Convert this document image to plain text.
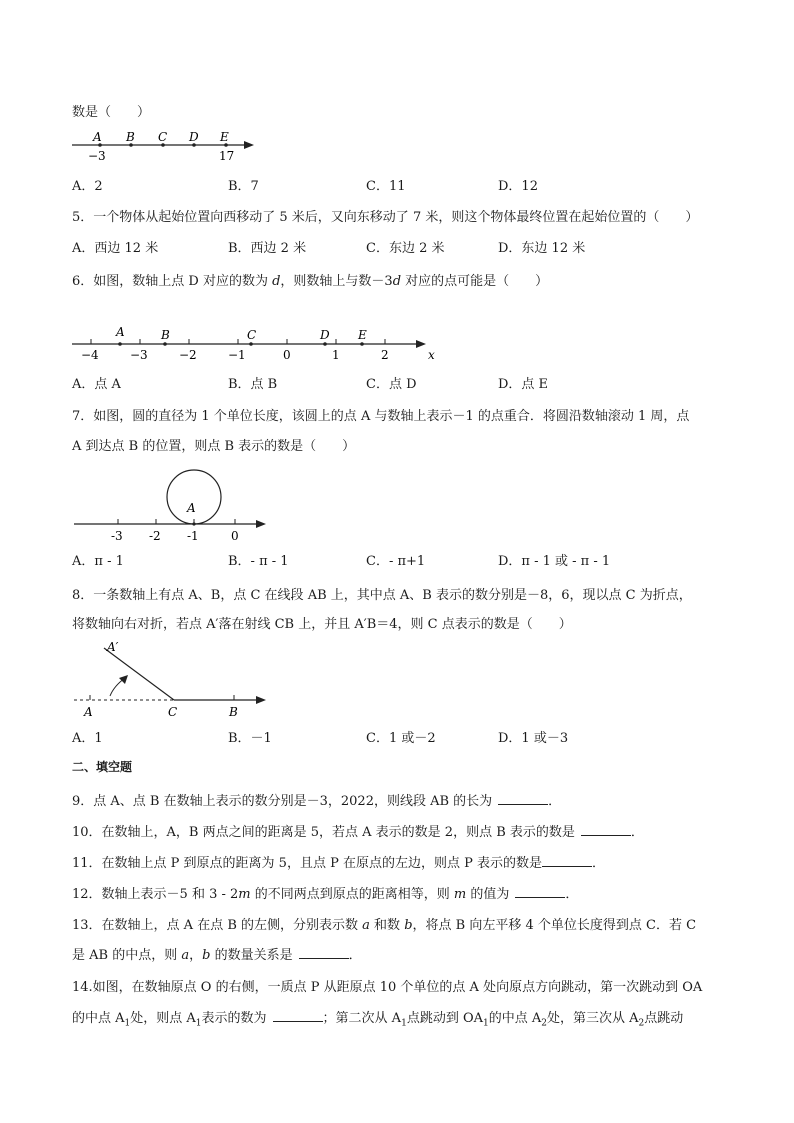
数是（　　）
A B C D E
−3	17
A．2	B．7	C．11	D．12
5．一个物体从起始位置向西移动了 5 米后，又向东移动了 7 米，则这个物体最终位置在起始位置的（　　）
A．西边 12 米	B．西边 2 米	C．东边 2 米	D．东边 12 米
6．如图，数轴上点 D 对应的数为 d，则数轴上与数－3d 对应的点可能是（　　）
A	B	C	D E
−4	−3	−2	−1	0	1	2	x
A．点 A	B．点 B	C．点 D	D．点 E
7．如图，圆的直径为 1 个单位长度，该圆上的点 A 与数轴上表示－1 的点重合．将圆沿数轴滚动 1 周，点
A 到达点 B 的位置，则点 B 表示的数是（　　）
A
-3 -2 -1	0
A．π - 1	B．- π - 1	C．- π+1	D．π - 1 或 - π - 1
8．一条数轴上有点 A、B，点 C 在线段 AB 上，其中点 A、B 表示的数分别是－8，6，现以点 C 为折点，
将数轴向右对折，若点 A′落在射线 CB 上，并且 A′B＝4，则 C 点表示的数是（　　）
A′
A	C	B
A．1	B．－1	C．1 或－2	D．1 或－3
二、填空题
9．点 A、点 B 在数轴上表示的数分别是－3，2022，则线段 AB 的长为	．
10．在数轴上，A，B 两点之间的距离是 5，若点 A 表示的数是 2，则点 B 表示的数是	．
11．在数轴上点 P 到原点的距离为 5，且点 P 在原点的左边，则点 P 表示的数是	．
12．数轴上表示－5 和 3 - 2m 的不同两点到原点的距离相等，则 m 的值为	．
13．在数轴上，点 A 在点 B 的左侧，分别表示数 a 和数 b，将点 B 向左平移 4 个单位长度得到点 C．若 C
是 AB 的中点，则 a，b 的数量关系是	．
14.如图，在数轴原点 O 的右侧，一质点 P 从距原点 10 个单位的点 A 处向原点方向跳动，第一次跳动到 OA
的中点 $A_1$处，则点 $A_1$表示的数为	；第二次从 $A_1$点跳动到 $OA_1$的中点 $A_2$处，第三次从 $A_2$点跳动
